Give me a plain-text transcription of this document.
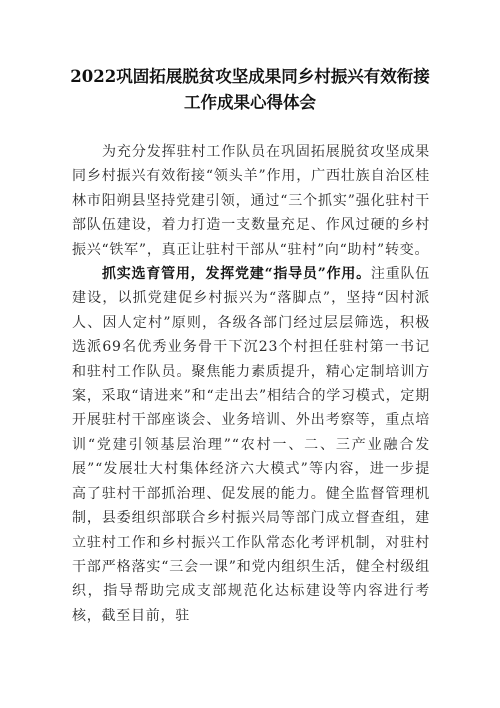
2022巩固拓展脱贫攻坚成果同乡村振兴有效衔接工作成果心得体会

为充分发挥驻村工作队员在巩固拓展脱贫攻坚成果同乡村振兴有效衔接“领头羊”作用，广西壮族自治区桂林市阳朔县坚持党建引领，通过“三个抓实”强化驻村干部队伍建设，着力打造一支数量充足、作风过硬的乡村振兴“铁军”，真正让驻村干部从“驻村”向“助村”转变。

抓实选育管用，发挥党建“指导员”作用。注重队伍建设，以抓党建促乡村振兴为“落脚点”，坚持“因村派人、因人定村”原则，各级各部门经过层层筛选，积极选派69名优秀业务骨干下沉23个村担任驻村第一书记和驻村工作队员。聚焦能力素质提升，精心定制培训方案，采取“请进来”和“走出去”相结合的学习模式，定期开展驻村干部座谈会、业务培训、外出考察等，重点培训“党建引领基层治理”“农村一、二、三产业融合发展”“发展壮大村集体经济六大模式”等内容，进一步提高了驻村干部抓治理、促发展的能力。健全监督管理机制，县委组织部联合乡村振兴局等部门成立督查组，建立驻村工作和乡村振兴工作队常态化考评机制，对驻村干部严格落实“三会一课”和党内组织生活，健全村级组织，指导帮助完成支部规范化达标建设等内容进行考核，截至目前，驻
